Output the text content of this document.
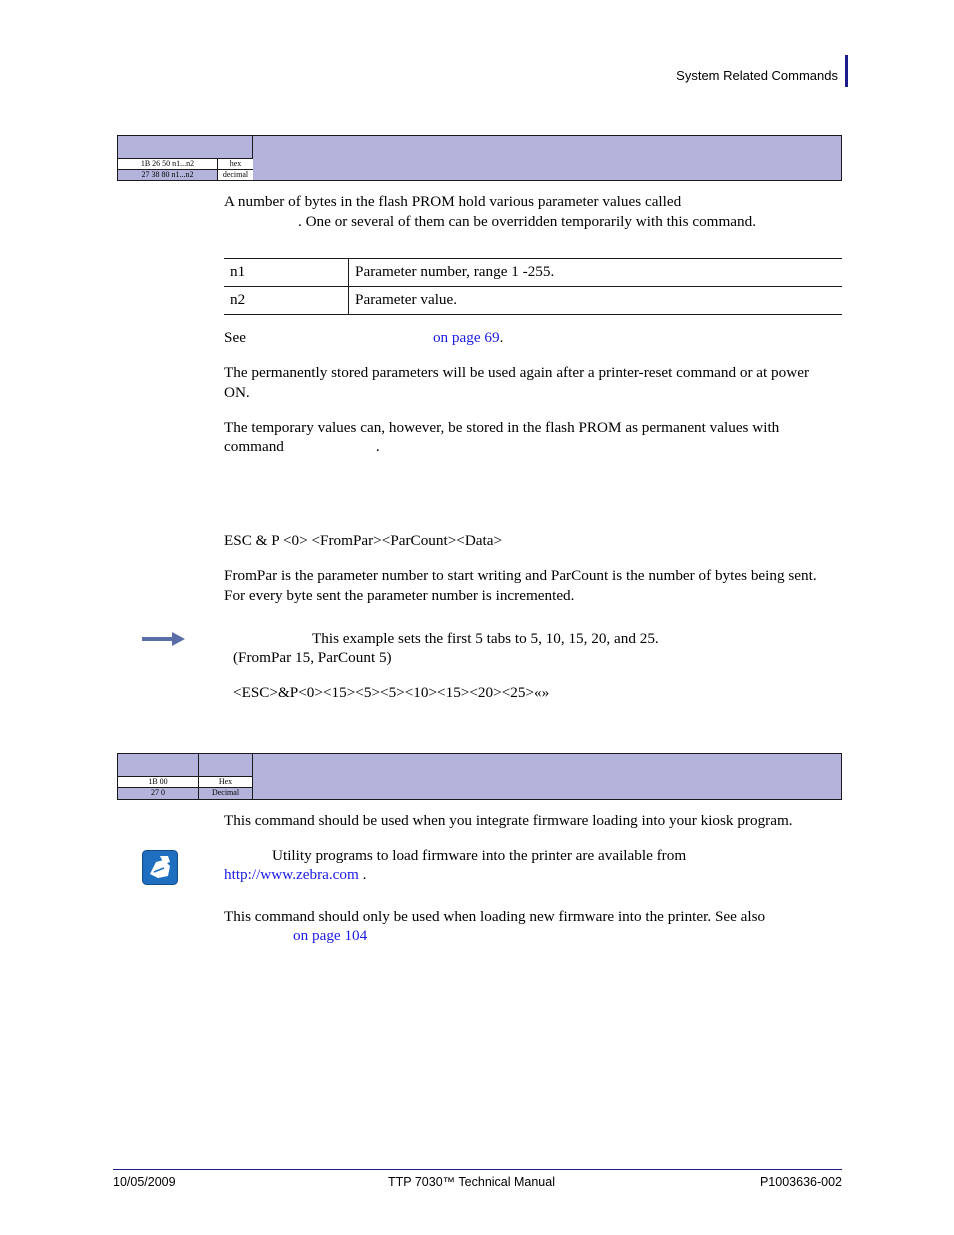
System Related Commands
1B 26 50 n1...n2	hex
27 38 80 n1...n2	decimal
A number of bytes in the flash PROM hold various parameter values called
. One or several of them can be overridden temporarily with this command.
n1	Parameter number, range 1 -255.
n2	Parameter value.
See	on page 69.
The permanently stored parameters will be used again after a printer-reset command or at power ON.
The temporary values can, however, be stored in the flash PROM as permanent values with
command	.
ESC & P <0> <FromPar><ParCount><Data>
FromPar is the parameter number to start writing and ParCount is the number of bytes being sent. For every byte sent the parameter number is incremented.
This example sets the first 5 tabs to 5, 10, 15, 20, and 25.
(FromPar 15, ParCount 5)
<ESC>&P<0><15><5><5><10><15><20><25>«»
1B 00	Hex
27 0	Decimal
This command should be used when you integrate firmware loading into your kiosk program.
Utility programs to load firmware into the printer are available from
http://www.zebra.com .
This command should only be used when loading new firmware into the printer. See also
on page 104
10/05/2009	TTP 7030™ Technical Manual	P1003636-002
